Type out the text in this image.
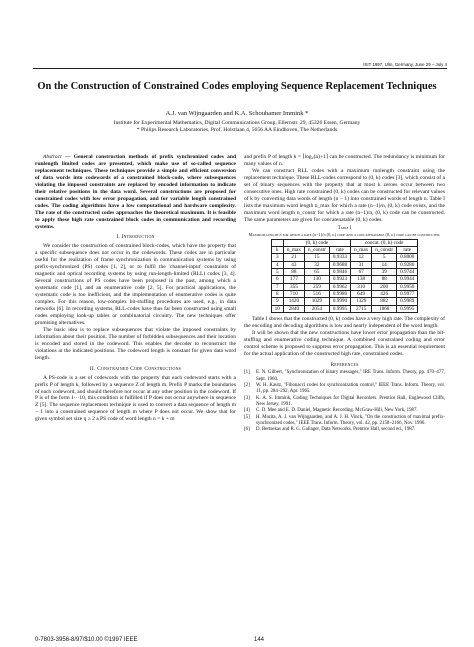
ISIT 1997, Ulm, Germany, June 29 – July 4
On the Construction of Constrained Codes employing Sequence Replacement Techniques
A.J. van Wijngaarden and K.A. Schouhamer Immink *
Institute for Experimental Mathematics, Digital Communications Group, Ellernstr. 29, 45326 Essen, Germany
* Philips Research Laboratories, Prof. Holstlaan 4, 5656 AA Eindhoven, The Netherlands

Abstract — General construction methods of prefix synchronized codes and runlength limited codes are presented, which make use of so-called sequence replacement techniques. These techniques provide a simple and efficient conversion of data words into codewords of a constrained block-code, where subsequences violating the imposed constraints are replaced by encoded information to indicate their relative positions in the data word. Several constructions are proposed for constrained codes with low error propagation, and for variable length constrained codes. The coding algorithms have a low computational and hardware complexity. The rate of the constructed codes approaches the theoretical maximum. It is feasible to apply these high rate constrained block codes in communication and recording systems.

I. Introduction

We consider the construction of constrained block-codes, which have the property that a specific subsequence does not occur in the codewords. These codes are in particular useful for the realization of frame synchronization in communication systems by using prefix-synchronized (PS) codes [1, 2], or to fulfil the 'channel-input' constraints of magnetic and optical recording systems by using run-length-limited (RLL) codes [3, 4]. Several constructions of PS codes have been proposed in the past, among which a systematic code [1], and an enumerative code [2, 5]. For practical applications, the systematic code is too inefficient, and the implementation of enumerative codes is quite complex. For this reason, low-complex bit-stuffing procedures are used, e.g., in data networks [6]. In recording systems, RLL-codes have thus far been constructed using small codes employing look-up tables or combinatorial circuitry. The new techniques offer promising alternatives.

The basic idea is to replace subsequences that violate the imposed constraints by information about their position. The number of forbidden subsequences and their location is encoded and stored in the codeword. This enables the decoder to reconstruct the violations at the indicated positions. The codeword length is constant for given data word length.

II. Constrained Code Constructions

A PS-code is a set of codewords with the property that each codeword starts with a prefix P of length k, followed by a sequence Z of length m. Prefix P marks the boundaries of each codeword, and should therefore not occur at any other position in the codeword. If P is of the form 1···10, this condition is fulfilled if P does not occur anywhere in sequence Z [5]. The sequence replacement technique is used to convert a data sequence of length m − 1 into a constrained sequence of length m where P does not occur. We show that for given symbol set size q ≥ 2 a PS code of word length n = k + m

and prefix P of length k = ⌈log₂(n)+1⌉ can be constructed. The redundancy is minimum for many values of n.

We can construct RLL codes with a maximum runlength constraint using the replacement technique. These RLL-codes correspond to (0, k) codes [3], which consist of a set of binary sequences with the property that at most k zeroes occur between two consecutive ones. High rate constrained (0, k) codes can be constructed for relevant values of k by converting data words of length (n − 1) into constrained words of length n. Table I lists the maximum word length n_max for which a rate (n−1)/n, (0, k) code exists, and the maximum word length n_constr for which a rate (n−1)/n, (0, k) code can be constructed. The same parameters are given for concatenatable (0, k) codes.

Table I
Maximum length n for which a rate (n−1)/n (0, k) code and a concatenatable (0, k) code can be constructed.
	(0, k) code			concat. (0, k) code		
k	n_max	n_constr	rate	n_max	n_constr	rate
3	21	15	0.9333	12	5	0.8000
4	43	32	0.9688	31	14	0.9286
5	88	65	0.9846	67	39	0.9744
6	177	130	0.9923	138	88	0.9944
7	355	259	0.9962	310	200	0.9950
8	710	516	0.9980	649	426	0.9977
9	1420	1029	0.9990	1329	882	0.9989
10	2840	2054	0.9995	2715	1868	0.9995

Table I shows that the constructed (0, k) codes have a very high rate. The complexity of the encoding and decoding algorithms is low and nearly independent of the word length.

It will be shown that the new constructions have lower error propagation than the bit-stuffing and enumerative coding technique. A combined constrained coding and error control scheme is proposed to suppress error propagation. This is an essential requirement for the actual application of the constructed high rate, constrained codes.

References
[1]	E. N. Gilbert, "Synchronization of binary messages," IRE Trans. Inform. Theory, pp. 470–477, Sept. 1960.
[2]	W. H. Kautz, "Fibonacci codes for synchronization control," IEEE Trans. Inform. Theory, vol. 11, pp. 284–292, Apr. 1965.
[3]	K. A. S. Immink, Coding Techniques for Digital Recorders. Prentice Hall, Englewood Cliffs, New Jersey, 1991.
[4]	C. D. Mee and E. D. Daniel, Magnetic Recording. McGraw-Hill, New York, 1987.
[5]	H. Morita, A. J. van Wijngaarden, and A. J. H. Vinck, "On the construction of maximal prefix-synchronized codes," IEEE Trans. Inform. Theory, vol. 42, pp. 2158–2166, Nov. 1996.
[6]	D. Bertsekas and R. G. Gallager, Data Networks. Prentice Hall, second ed., 1987.
0-7803-3956-8/97/$10.00 ©1997 IEEE	144
